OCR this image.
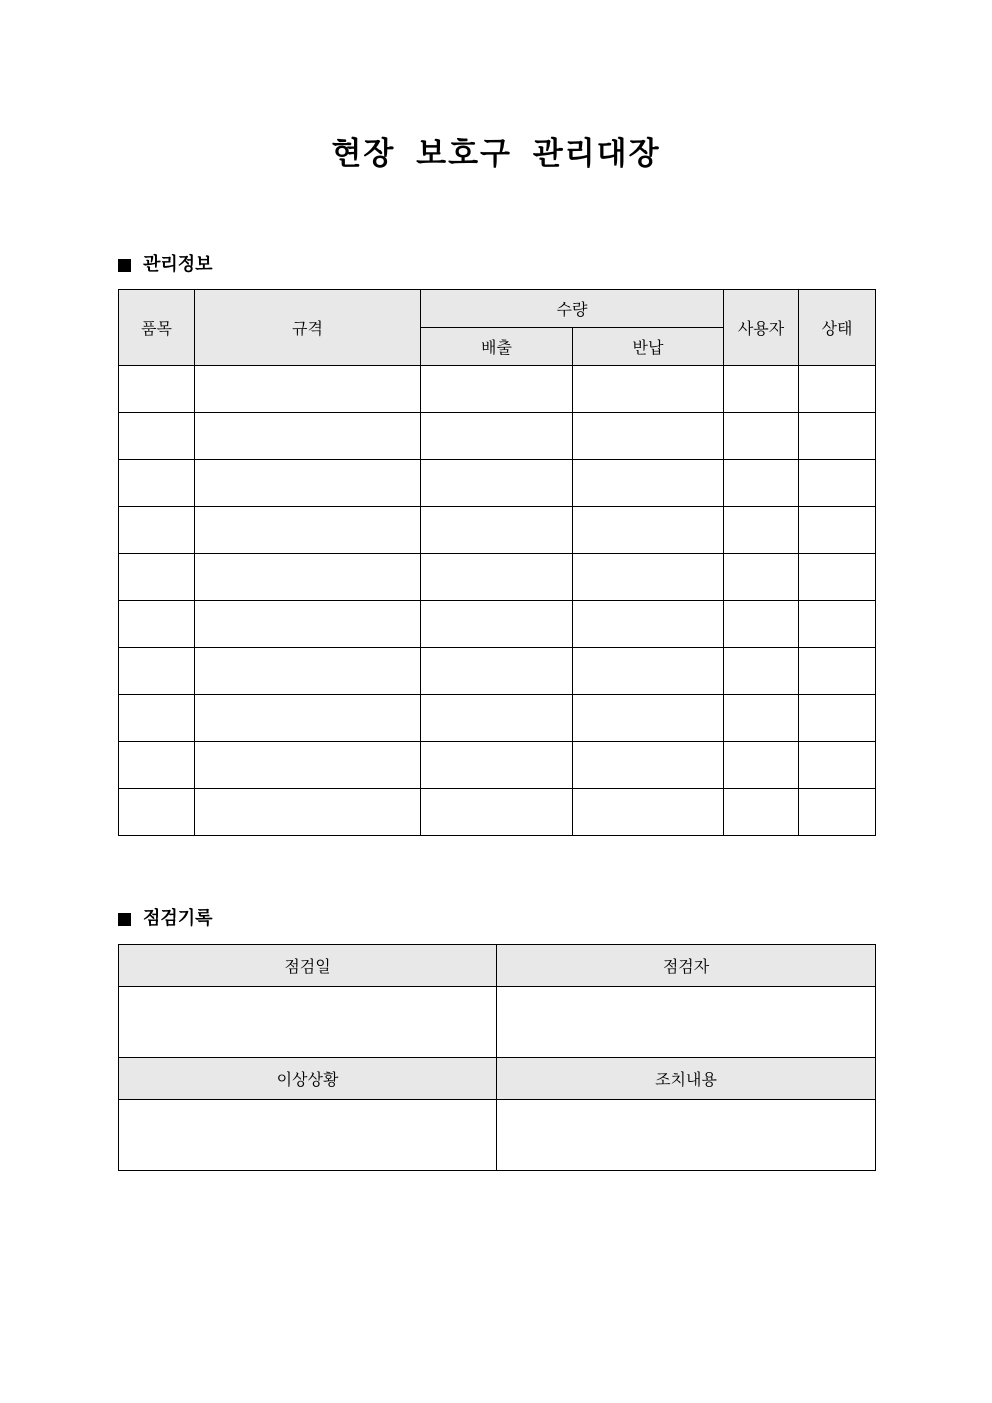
현장 보호구 관리대장
관리정보
품목	규격	수량		사용자	상태
		배출	반납		

점검기록
점검일	점검자

이상상황	조치내용
